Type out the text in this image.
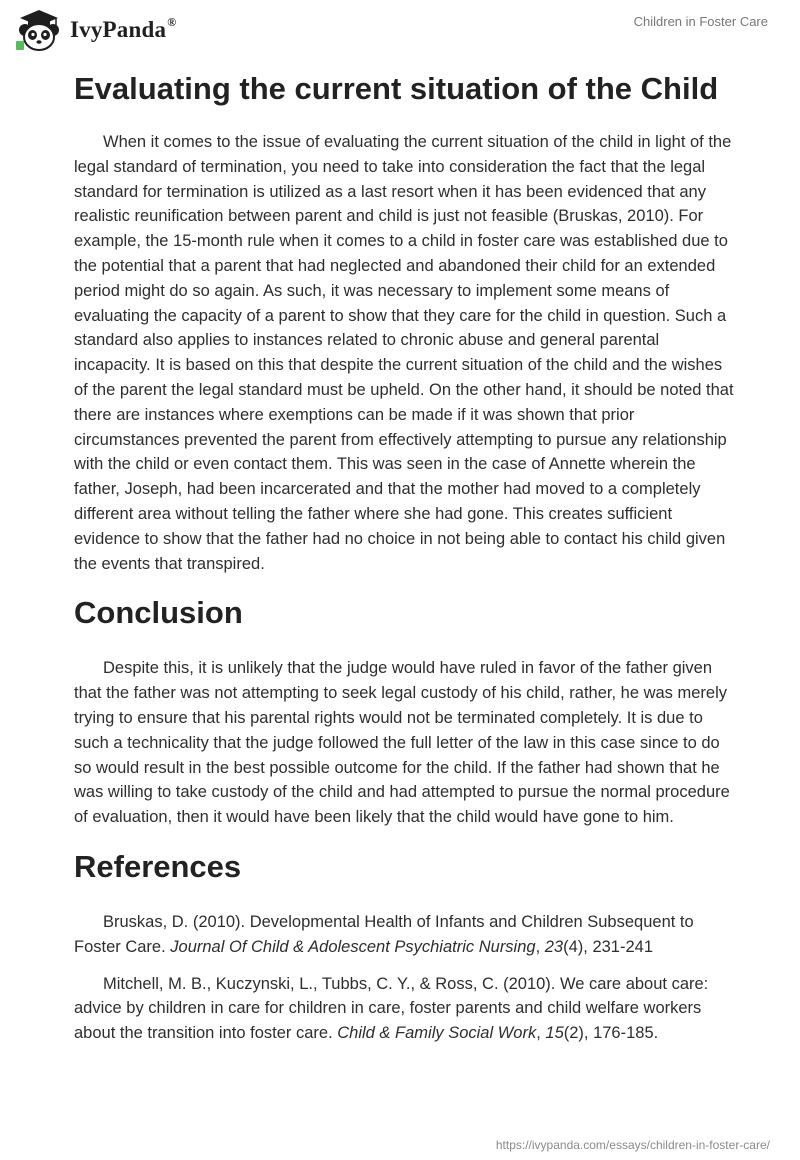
IvyPanda®	Children in Foster Care
Evaluating the current situation of the Child

When it comes to the issue of evaluating the current situation of the child in light of the legal standard of termination, you need to take into consideration the fact that the legal standard for termination is utilized as a last resort when it has been evidenced that any realistic reunification between parent and child is just not feasible (Bruskas, 2010). For example, the 15-month rule when it comes to a child in foster care was established due to the potential that a parent that had neglected and abandoned their child for an extended period might do so again. As such, it was necessary to implement some means of evaluating the capacity of a parent to show that they care for the child in question. Such a standard also applies to instances related to chronic abuse and general parental incapacity. It is based on this that despite the current situation of the child and the wishes of the parent the legal standard must be upheld. On the other hand, it should be noted that there are instances where exemptions can be made if it was shown that prior circumstances prevented the parent from effectively attempting to pursue any relationship with the child or even contact them. This was seen in the case of Annette wherein the father, Joseph, had been incarcerated and that the mother had moved to a completely different area without telling the father where she had gone. This creates sufficient evidence to show that the father had no choice in not being able to contact his child given the events that transpired.

Conclusion

Despite this, it is unlikely that the judge would have ruled in favor of the father given that the father was not attempting to seek legal custody of his child, rather, he was merely trying to ensure that his parental rights would not be terminated completely. It is due to such a technicality that the judge followed the full letter of the law in this case since to do so would result in the best possible outcome for the child. If the father had shown that he was willing to take custody of the child and had attempted to pursue the normal procedure of evaluation, then it would have been likely that the child would have gone to him.

References

Bruskas, D. (2010). Developmental Health of Infants and Children Subsequent to Foster Care. Journal Of Child & Adolescent Psychiatric Nursing, 23(4), 231-241

Mitchell, M. B., Kuczynski, L., Tubbs, C. Y., & Ross, C. (2010). We care about care: advice by children in care for children in care, foster parents and child welfare workers about the transition into foster care. Child & Family Social Work, 15(2), 176-185.

https://ivypanda.com/essays/children-in-foster-care/
